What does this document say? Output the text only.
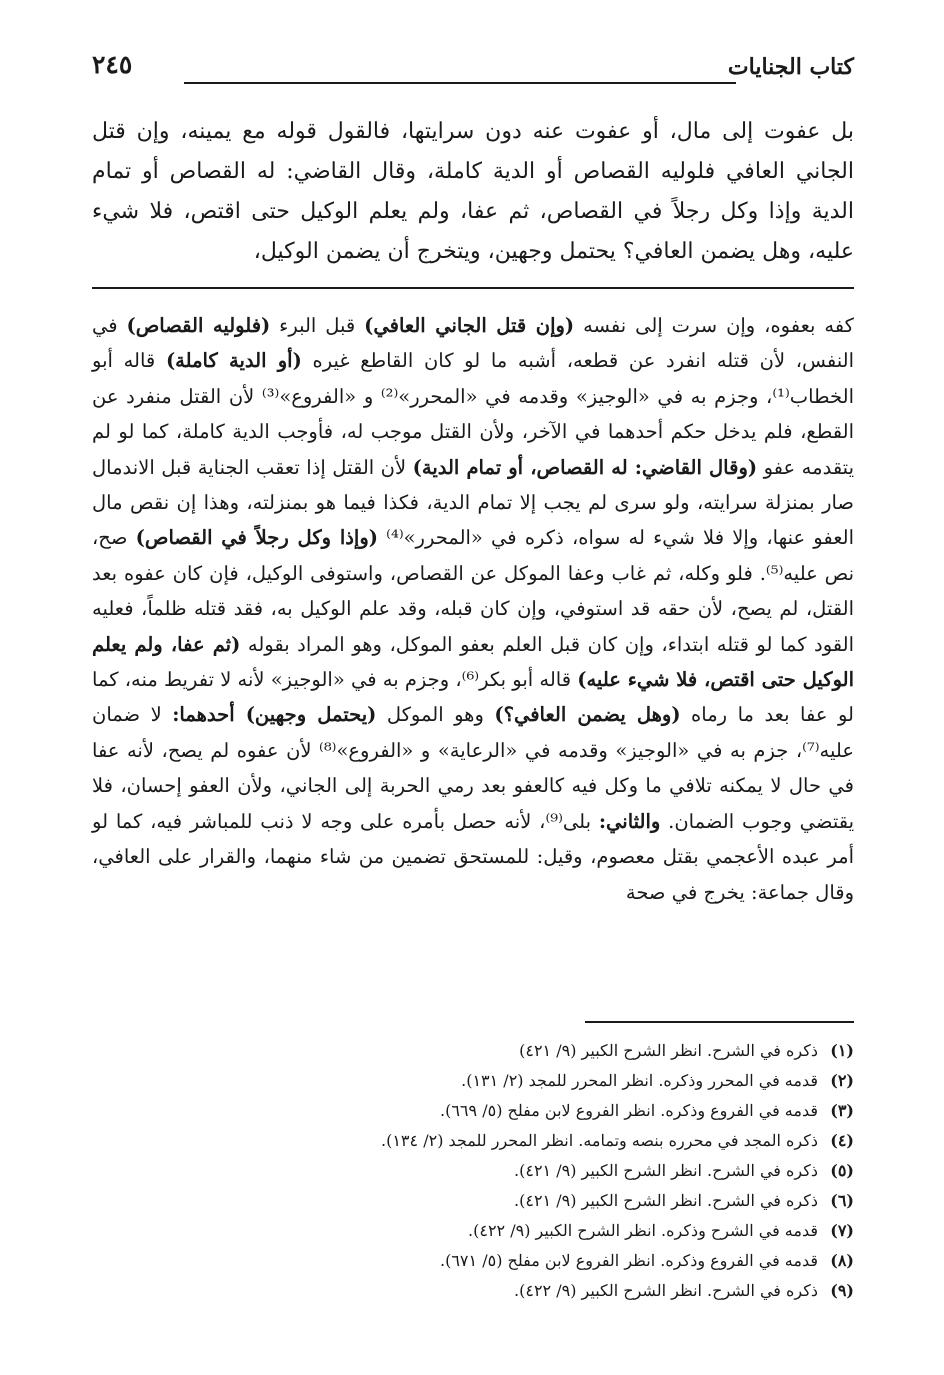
كتاب الجنايات
٢٤٥

بل عفوت إلى مال، أو عفوت عنه دون سرايتها، فالقول قوله مع يمينه، وإن قتل الجاني العافي فلوليه القصاص أو الدية كاملة، وقال القاضي: له القصاص أو تمام الدية وإذا وكل رجلاً في القصاص، ثم عفا، ولم يعلم الوكيل حتى اقتص، فلا شيء عليه، وهل يضمن العافي؟ يحتمل وجهين، ويتخرج أن يضمن الوكيل،

كفه بعفوه، وإن سرت إلى نفسه (وإن قتل الجاني العافي) قبل البرء (فلوليه القصاص) في النفس، لأن قتله انفرد عن قطعه، أشبه ما لو كان القاطع غيره (أو الدية كاملة) قاله أبو الخطاب⁽¹⁾، وجزم به في «الوجيز» وقدمه في «المحرر»⁽²⁾ و «الفروع»⁽³⁾ لأن القتل منفرد عن القطع، فلم يدخل حكم أحدهما في الآخر، ولأن القتل موجب له، فأوجب الدية كاملة، كما لو لم يتقدمه عفو (وقال القاضي: له القصاص، أو تمام الدية) لأن القتل إذا تعقب الجناية قبل الاندمال صار بمنزلة سرايته، ولو سرى لم يجب إلا تمام الدية، فكذا فيما هو بمنزلته، وهذا إن نقص مال العفو عنها، وإلا فلا شيء له سواه، ذكره في «المحرر»⁽⁴⁾ (وإذا وكل رجلاً في القصاص) صح، نص عليه⁽⁵⁾. فلو وكله، ثم غاب وعفا الموكل عن القصاص، واستوفى الوكيل، فإن كان عفوه بعد القتل، لم يصح، لأن حقه قد استوفي، وإن كان قبله، وقد علم الوكيل به، فقد قتله ظلماً، فعليه القود كما لو قتله ابتداء، وإن كان قبل العلم بعفو الموكل، وهو المراد بقوله (ثم عفا، ولم يعلم الوكيل حتى اقتص، فلا شيء عليه) قاله أبو بكر⁽⁶⁾، وجزم به في «الوجيز» لأنه لا تفريط منه، كما لو عفا بعد ما رماه (وهل يضمن العافي؟) وهو الموكل (يحتمل وجهين) أحدهما: لا ضمان عليه⁽⁷⁾، جزم به في «الوجيز» وقدمه في «الرعاية» و «الفروع»⁽⁸⁾ لأن عفوه لم يصح، لأنه عفا في حال لا يمكنه تلافي ما وكل فيه كالعفو بعد رمي الحربة إلى الجاني، ولأن العفو إحسان، فلا يقتضي وجوب الضمان. والثاني: بلى⁽⁹⁾، لأنه حصل بأمره على وجه لا ذنب للمباشر فيه، كما لو أمر عبده الأعجمي بقتل معصوم، وقيل: للمستحق تضمين من شاء منهما، والقرار على العافي، وقال جماعة: يخرج في صحة

(١)ذكره في الشرح. انظر الشرح الكبير (٩/ ٤٢١)
(٢)قدمه في المحرر وذكره. انظر المحرر للمجد (٢/ ١٣١).
(٣)قدمه في الفروع وذكره. انظر الفروع لابن مفلح (٥/ ٦٦٩).
(٤)ذكره المجد في محرره بنصه وتمامه. انظر المحرر للمجد (٢/ ١٣٤).
(٥)ذكره في الشرح. انظر الشرح الكبير (٩/ ٤٢١).
(٦)ذكره في الشرح. انظر الشرح الكبير (٩/ ٤٢١).
(٧)قدمه في الشرح وذكره. انظر الشرح الكبير (٩/ ٤٢٢).
(٨)قدمه في الفروع وذكره. انظر الفروع لابن مفلح (٥/ ٦٧١).
(٩)ذكره في الشرح. انظر الشرح الكبير (٩/ ٤٢٢).
